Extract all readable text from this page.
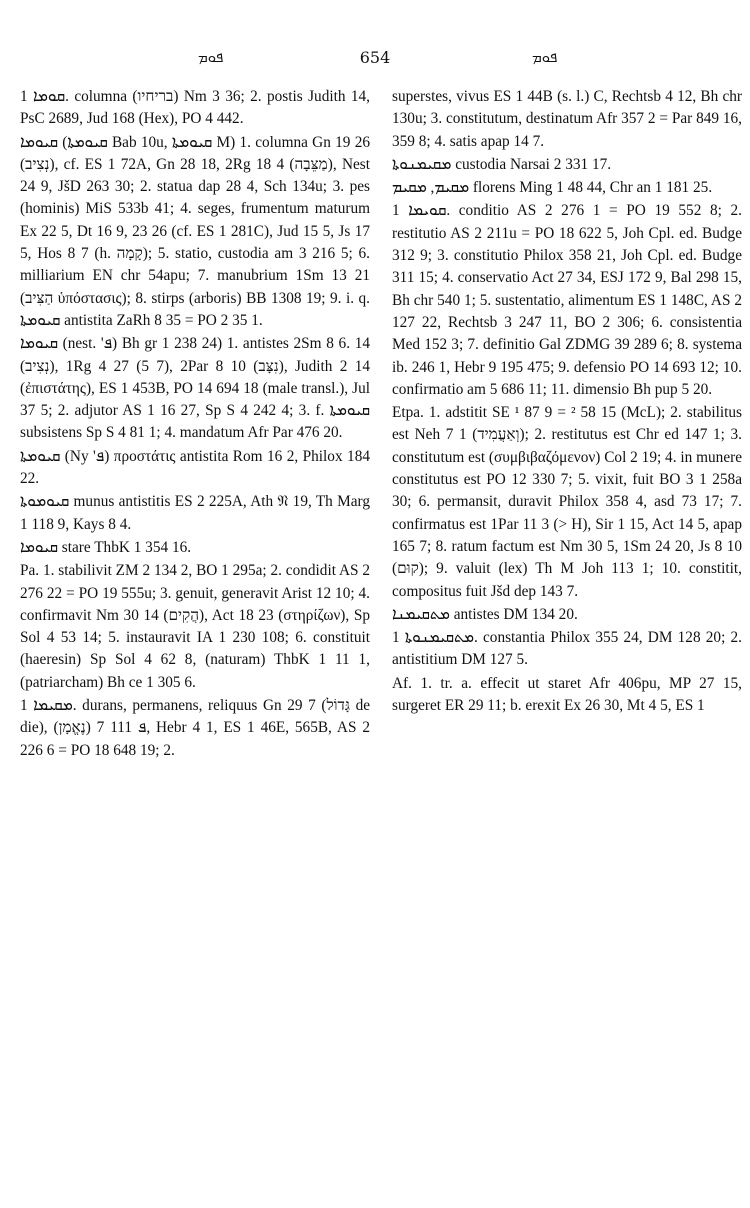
ܦܘܡ	654	ܦܘܡ

ܩܘܡܐ 1. columna (בריחיו) Nm 3 36; 2. postis Judith 14, PsC 2689, Jud 168 (Hex), PO 4 442.

ܩܝܘܡܐ (ܩܝܘܡܬܐ Bab 10u, ܩܝܘܡܬܐ M) 1. columna Gn 19 26 (נְצִיב), cf. ES 1 72A, Gn 28 18, 2Rg 18 4 (מַצֵּבָה), Nest 24 9, JšD 263 30; 2. statua dap 28 4, Sch 134u; 3. pes (hominis) MiS 533b 41; 4. seges, frumentum maturum Ex 22 5, Dt 16 9, 23 26 (cf. ES 1 281C), Jud 15 5, Js 17 5, Hos 8 7 (h. קָמָה); 5. statio, custodia am 3 216 5; 6. milliarium EN chr 54apu; 7. manubrium 1Sm 13 21 (הַצִּיב ὑπόστασις); 8. stirps (arboris) BB 1308 19; 9. i. q. ܩܝܘܡܬܐ antistita ZaRh 8 35 = PO 2 35 1.

ܩܝܘܡܐ (nest. 'ܦ) Bh gr 1 238 24) 1. antistes 2Sm 8 6. 14 (נְצִיב), 1Rg 4 27 (5 7), 2Par 8 10 (נִצָּב), Judith 2 14 (ἐπιστάτης), ES 1 453B, PO 14 694 18 (male transl.), Jul 37 5; 2. adjutor AS 1 16 27, Sp S 4 242 4; 3. f. ܩܝܘܡܬܐ subsistens Sp S 4 81 1; 4. mandatum Afr Par 476 20.

ܩܝܘܡܬܐ (Ny 'ܦ) προστάτις antistita Rom 16 2, Philox 184 22.

ܩܝܘܡܘܬܐ munus antistitis ES 2 225A, Ath 𝔑 19, Th Marg 1 118 9, Kays 8 4.

ܩܝܘܡܐ stare ThbK 1 354 16.

Pa. 1. stabilivit ZM 2 134 2, BO 1 295a; 2. condidit AS 2 276 22 = PO 19 555u; 3. genuit, generavit Arist 12 10; 4. confirmavit Nm 30 14 (הֲקִים), Act 18 23 (στηρίζων), Sp Sol 4 53 14; 5. instauravit IA 1 230 108; 6. constituit (haeresin) Sp Sol 4 62 8, (naturam) ThbK 1 11 1, (patriarcham) Bh ce 1 305 6.

ܡܩܝܡܐ 1. durans, permanens, reliquus Gn 29 7 (גָּדוֹל de die), ܦ 111 7 (נֶאֱמָן), Hebr 4 1, ES 1 46E, 565B, AS 2 226 6 = PO 18 648 19; 2.

superstes, vivus ES 1 44B (s. l.) C, Rechtsb 4 12, Bh chr 130u; 3. constitutum, destinatum Afr 357 2 = Par 849 16, 359 8; 4. satis apap 14 7.

ܡܩܝܡܢܘܬܐ custodia Narsai 2 331 17.

ܡܩܝܡ, ܡܩܝܡ florens Ming 1 48 44, Chr an 1 181 25.

ܩܘܝܡܐ 1. conditio AS 2 276 1 = PO 19 552 8; 2. restitutio AS 2 211u = PO 18 622 5, Joh Cpl. ed. Budge 312 9; 3. constitutio Philox 358 21, Joh Cpl. ed. Budge 311 15; 4. conservatio Act 27 34, ESJ 172 9, Bal 298 15, Bh chr 540 1; 5. sustentatio, alimentum ES 1 148C, AS 2 127 22, Rechtsb 3 247 11, BO 2 306; 6. consistentia Med 152 3; 7. definitio Gal ZDMG 39 289 6; 8. systema ib. 246 1, Hebr 9 195 475; 9. defensio PO 14 693 12; 10. confirmatio am 5 686 11; 11. dimensio Bh pup 5 20.

Etpa. 1. adstitit SE ¹ 87 9 = ² 58 15 (McL); 2. stabilitus est Neh 7 1 (וְאַעֲמִיד); 2. restitutus est Chr ed 147 1; 3. constitutum est (συμβιβαζόμενον) Col 2 19; 4. in munere constitutus est PO 12 330 7; 5. vixit, fuit BO 3 1 258a 30; 6. permansit, duravit Philox 358 4, asd 73 17; 7. confirmatus est 1Par 11 3 (> H), Sir 1 15, Act 14 5, apap 165 7; 8. ratum factum est Nm 30 5, 1Sm 24 20, Js 8 10 (קוּם); 9. valuit (lex) Th M Joh 113 1; 10. constitit, compositus fuit Jšd dep 143 7.

ܡܬܩܝܡܢܐ antistes DM 134 20.

ܡܬܩܝܡܢܘܬܐ 1. constantia Philox 355 24, DM 128 20; 2. antistitium DM 127 5.

Af. 1. tr. a. effecit ut staret Afr 406pu, MP 27 15, surgeret ER 29 11; b. erexit Ex 26 30, Mt 4 5, ES 1
